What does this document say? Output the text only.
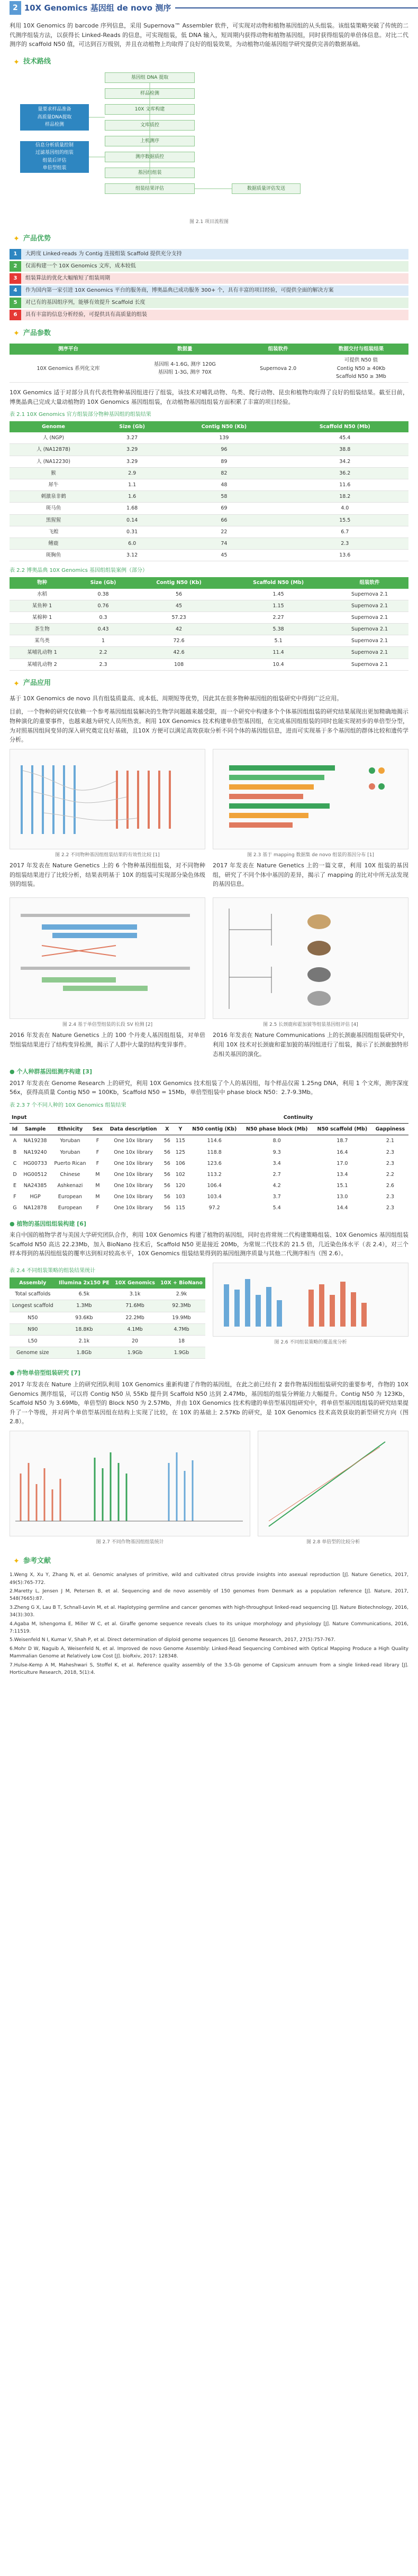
2 10X Genomics 基因组 de novo 测序

利用 10X Genomics 的 barcode 序列信息，采用 Supernova™ Assembler 软件，可实现对动物和植物基因组的从头组装。该组装策略突破了传统的二代测序组装方法，以获得长 Linked-Reads 的信息，可实现组装，低 DNA 输入，短周期内获得动物和植物基因组，同时获得组装的单倍体信息。对比二代测序的 scaffold N50 值，可达到百万级别，并且在动植物上均取得了良好的组装效果，为动植物功能基因组学研究提供完善的数据基础。

✦ 技术路线
量要求样品准备
高质量DNA提取
样品检测
信息分析质量控制
过滤基因组的组装
组装后评估
单倍型组装
基因组 DNA 提取
样品检测
10X 文库构建
文库质控
上机测序
测序数据质控
基因组组装
组装结果评估	数据质量评估发送
图 2.1 项目流程图
✦ 产品优势
1	大跨度 Linked-reads 为 Contig 连接组装 Scaffold 提供充分支持
2	仅需构建一个 10X Genomics 文库，成本较低
3	组装算法的优化大幅缩短了组装周期
4	作为国内第一家引进 10X Genomics 平台的服务商，博奥晶典已成功服务 300+ 个，具有丰富的项目经验，可提供全面的解决方案
5	对已有的基因组序列，能够有效提升 Scaffold 长度
6	具有丰富的信息分析经验，可提供具有高质量的组装
✦ 产品参数
测序平台	数据量	组装软件	数据交付与组装结果
10X Genomics 系列化文库	基因组 4-1.6G, 测序 120G
基因组 1-3G, 测序 70X	Supernova 2.0	可提供 N50 值
Contig N50 ≥ 40Kb
Scaffold N50 ≥ 3Mb

10X Genomics 适于对部分具有代表性物种基因组进行了组装，该技术对哺乳动物、鸟类、爬行动物、昆虫和植物均取得了良好的组装结果。截至目前，博奥晶典已完成大量动植物的 10X Genomics 基因组组装，在动植物基因组组装方面积累了丰富的项目经验。

表 2.1 10X Genomics 官方组装部分物种基因组的组装结果
Genome	Size (Gb)	Contig N50 (Kb)	Scaffold N50 (Mb)
人 (NGP)	3.27	139	45.4
人 (NA12878)	3.29	96	38.8
人 (NA12230)	3.29	89	34.2
猴	2.9	82	36.2
犀牛	1.1	48	11.6
刺激泉非鹤	1.6	58	18.2
斑马鱼	1.68	69	4.0
黑猩猩	0.14	66	15.5
飞蝗	0.31	22	6.7
鳍鹿	6.0	74	2.3
斑胸鱼	3.12	45	13.6
表 2.2 博奥晶典 10X Genomics 基因组组装案例（部分）
物种	Size (Gb)	Contig N50 (Kb)	Scaffold N50 (Mb)	组装软件
水稻	0.38	56	1.45	Supernova 2.1
某鱼种 1	0.76	45	1.15	Supernova 2.1
某棉种 1	0.3	57.23	2.27	Supernova 2.1
茶生物	0.43	42	5.38	Supernova 2.1
某鸟类	1	72.6	5.1	Supernova 2.1
某哺乳动物 1	2.2	42.6	11.4	Supernova 2.1
某哺乳动物 2	2.3	108	10.4	Supernova 2.1
✦ 产品应用

基于 10X Genomics de novo 具有组装质量高、成本低、周期短等优势，因此其在很多物种基因组的组装研究中得到广泛应用。

目前，一个物种的研究仅依赖一个参考基因组组装解决的生物学问题越来越受限，而一个研究中构建多个个体基因组组装的研究结果展现出更加精确地揭示物种演化的重要事件，也越来越为研究人员所热衷。利用 10X Genomics 技术构建单倍型基因组，在完成基因组组装的同时也能实现初步的单倍型分型，为对照基因组间变异的深入研究奠定良好基础，且10X 方便可以满足高效获取分析不同个体的基因组信息，进而可实现基于多个基因组的群体比较和遗传学分析。

图 2.2 不同物种基因组组装结果的有效性比较 [1]

2017 年发表在 Nature Genetics 上的 6 个物种基因组组装，对不同物种的组装结果进行了比较分析，结果表明基于 10X 的组装可实现部分染色体级别的组装。

图 2.3 基于 mapping 数据集 de novo 组装的基因分布 [1]

2017 年发表在 Nature Genetics 上的一篇文章，利用 10X 组装的基因组，研究了不同个体中基因的差异，揭示了 mapping 的比对中所无法发现的基因信息。

图 2.4 基于单倍型组装的长段 SV 检测 [2]

2016 年发表在 Nature Genetics 上的 100 个丹麦人基因组组装，对单倍型组装结果进行了结构变异检测，揭示了人群中大量的结构变异事件。

图 2.5 长颈鹿和霍加狓等组装基因组评估 [4]

2016 年发表在 Nature Communications 上的长颈鹿基因组组装研究中，利用 10X 技术对长颈鹿和霍加狓的基因组进行了组装，揭示了长颈鹿独特形态相关基因的演化。

● 个人种群基因组测序构建 [3]

2017 年发表在 Genome Research 上的研究，利用 10X Genomics 技术组装了个人的基因组，每个样品仅需 1.25ng DNA，利用 1 个文库，测序深度 56x，获得高质量 Contig N50 = 100Kb，Scaffold N50 = 15Mb，单倍型组装中 phase block N50：2.7-9.3Mb。

表 2.3 7 个不同人种的 10X Genomics 组装结果
Input							Continuity			
Id	Sample	Ethnicity	Sex	Data description	X	Y	N50 contig (Kb)	N50 phase block (Mb)	N50 scaffold (Mb)	Gappiness
A	NA19238	Yoruban	F	One 10x library	56	115	114.6	8.0	18.7	2.1
B	NA19240	Yoruban	F	One 10x library	56	125	118.8	9.3	16.4	2.3
C	HG00733	Puerto Rican	F	One 10x library	56	106	123.6	3.4	17.0	2.3
D	HG00512	Chinese	M	One 10x library	56	102	113.2	2.7	13.4	2.2
E	NA24385	Ashkenazi	M	One 10x library	56	120	106.4	4.2	15.1	2.6
F	HGP	European	M	One 10x library	56	103	103.4	3.7	13.0	2.3
G	NA12878	European	F	One 10x library	56	115	97.2	5.4	14.4	2.3
● 植物的基因组组装构建 [6]

来自中国的植物学者与美国大学研究团队合作，利用 10X Genomics 构建了植物的基因组，同时也将常规二代构建策略组装、10X Genomics 基因组组装 Scaffold N50 高达 22.23Mb，加入 BioNano 技术后，Scaffold N50 更是接近 20Mb，为常规二代技术的 21.5 倍，几近染色体水平（表 2.4），对三个样本得到的基因组组装的覆率达到相对较高水平，10X Genomics 组装结果得到的基因组测序质量与其他二代测序相当（图 2.6）。

表 2.4 不同组装策略的组装结果统计
Assembly	Illumina 2x150 PE	10X Genomics	10X + BioNano
Total scaffolds	6.5k	3.1k	2.9k
Longest scaffold	1.3Mb	71.6Mb	92.3Mb
N50	93.6Kb	22.2Mb	19.9Mb
N90	18.8Kb	4.1Mb	4.7Mb
L50	2.1k	20	18
Genome size	1.8Gb	1.9Gb	1.9Gb
图 2.6 不同组装策略的覆盖度分析
● 作物单倍型组装研究 [7]

2017 年发表在 Nature 上的研究团队利用 10X Genomics 重新构建了作物的基因组，在此之前已经有 2 套作物基因组组装研究的重要参考，作物的 10X Genomics 测序组装，可以将 Contig N50 从 55Kb 提升到 Scaffold N50 达到 2.47Mb，基因组的组装分辨能力大幅提升。Contig N50 为 123Kb，Scaffold N50 为 3.69Mb，单倍型的 Block N50 为 2.57Mb，并由 10X Genomics 技术构建的单倍型基因组研究中，将单倍型基因组组装的研究结果提升了一个等级，并对两个单倍型基因组在结构上实现了比较，在 10X 的基础上 2.57Kb 的研究，是 10X Genomics 技术高效获取的新型研究方向（图 2.8）。

图 2.7 不同作物基因组组装统计	图 2.8 单倍型的比较分析
✦ 参考文献

1.Weng X, Xu Y, Zhang N, et al. Genomic analyses of primitive, wild and cultivated citrus provide insights into asexual reproduction [J]. Nature Genetics, 2017, 49(5):765-772.

2.Maretty L, Jensen J M, Petersen B, et al. Sequencing and de novo assembly of 150 genomes from Denmark as a population reference [J]. Nature, 2017, 548(7665):87.

3.Zheng G X, Lau B T, Schnall-Levin M, et al. Haplotyping germline and cancer genomes with high-throughput linked-read sequencing [J]. Nature Biotechnology, 2016, 34(3):303.

4.Agaba M, Ishengoma E, Miller W C, et al. Giraffe genome sequence reveals clues to its unique morphology and physiology [J]. Nature Communications, 2016, 7:11519.

5.Weisenfeld N I, Kumar V, Shah P, et al. Direct determination of diploid genome sequences [J]. Genome Research, 2017, 27(5):757-767.

6.Mohr D W, Naguib A, Weisenfeld N, et al. Improved de novo Genome Assembly: Linked-Read Sequencing Combined with Optical Mapping Produce a High Quality Mammalian Genome at Relatively Low Cost [J]. bioRxiv, 2017: 128348.

7.Hulse-Kemp A M, Maheshwari S, Stoffel K, et al. Reference quality assembly of the 3.5-Gb genome of Capsicum annuum from a single linked-read library [J]. Horticulture Research, 2018, 5(1):4.
